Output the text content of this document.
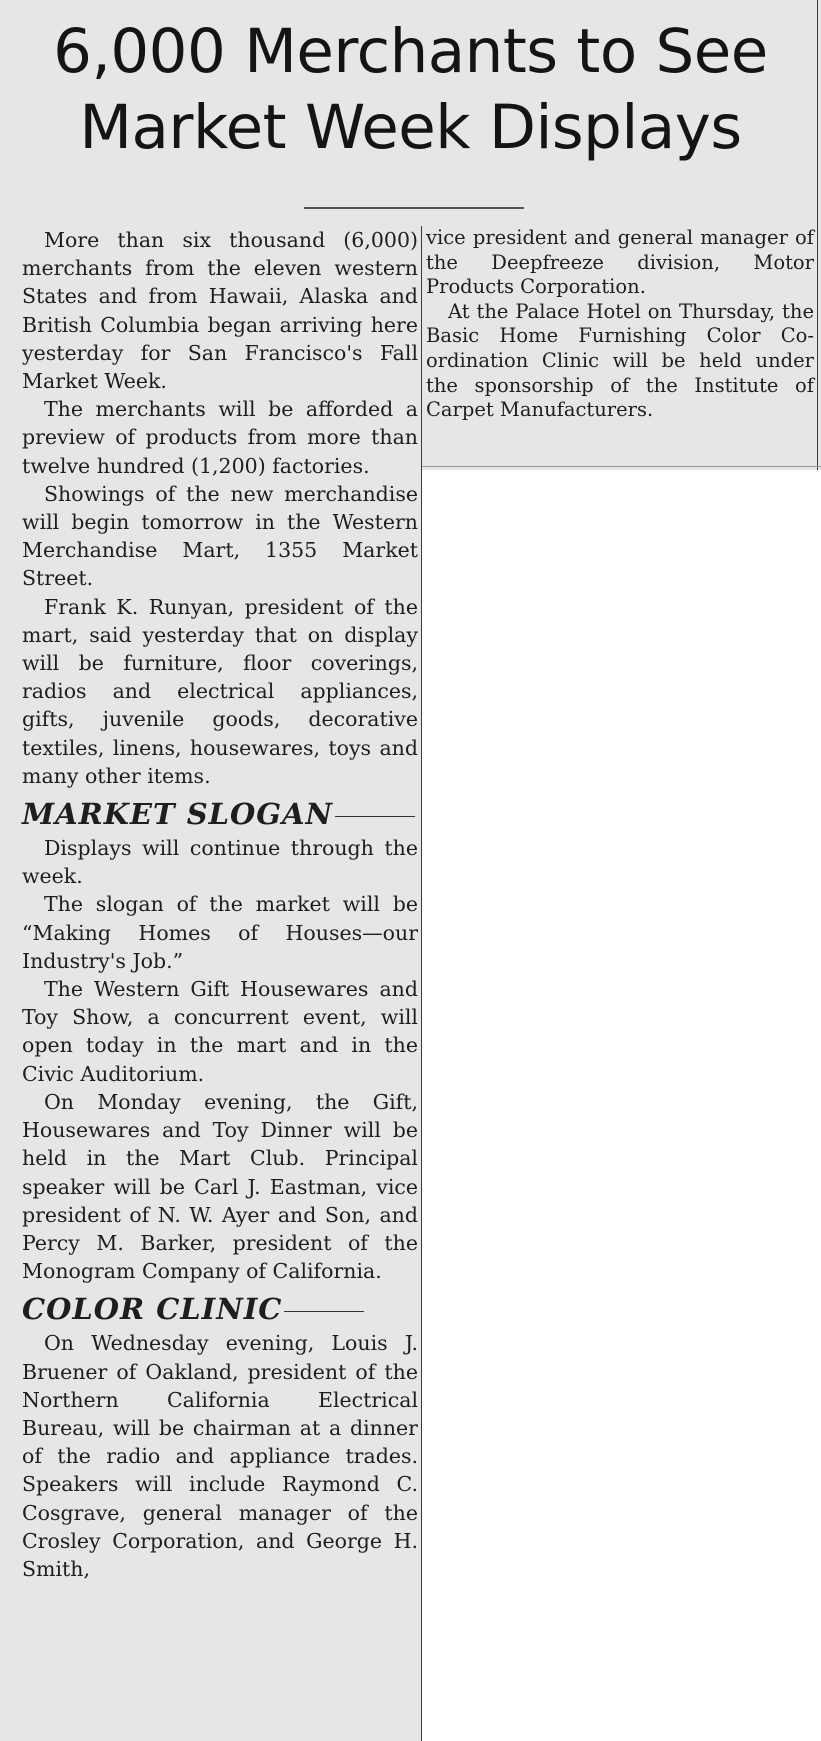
6,000 Merchants to See
Market Week Displays

More than six thousand (6,000) merchants from the eleven western States and from Hawaii, Alaska and British Columbia began arriving here yesterday for San Francisco's Fall Market Week.

The merchants will be afforded a preview of products from more than twelve hundred (1,200) factories.

Showings of the new merchandise will begin tomorrow in the Western Merchandise Mart, 1355 Market Street.

Frank K. Runyan, president of the mart, said yesterday that on display will be furniture, floor coverings, radios and electrical appliances, gifts, juvenile goods, decorative textiles, linens, housewares, toys and many other items.

MARKET SLOGAN

Displays will continue through the week.

The slogan of the market will be “Making Homes of Houses—our Industry's Job.”

The Western Gift Housewares and Toy Show, a concurrent event, will open today in the mart and in the Civic Auditorium.

On Monday evening, the Gift, Housewares and Toy Dinner will be held in the Mart Club. Principal speaker will be Carl J. Eastman, vice president of N. W. Ayer and Son, and Percy M. Barker, president of the Monogram Company of California.

COLOR CLINIC

On Wednesday evening, Louis J. Bruener of Oakland, president of the Northern California Electrical Bureau, will be chairman at a dinner of the radio and appliance trades. Speakers will include Raymond C. Cosgrave, general manager of the Crosley Corporation, and George H. Smith,

vice president and general manager of the Deepfreeze division, Motor Products Corporation.

At the Palace Hotel on Thursday, the Basic Home Furnishing Color Co-ordination Clinic will be held under the sponsorship of the Institute of Carpet Manufacturers.
